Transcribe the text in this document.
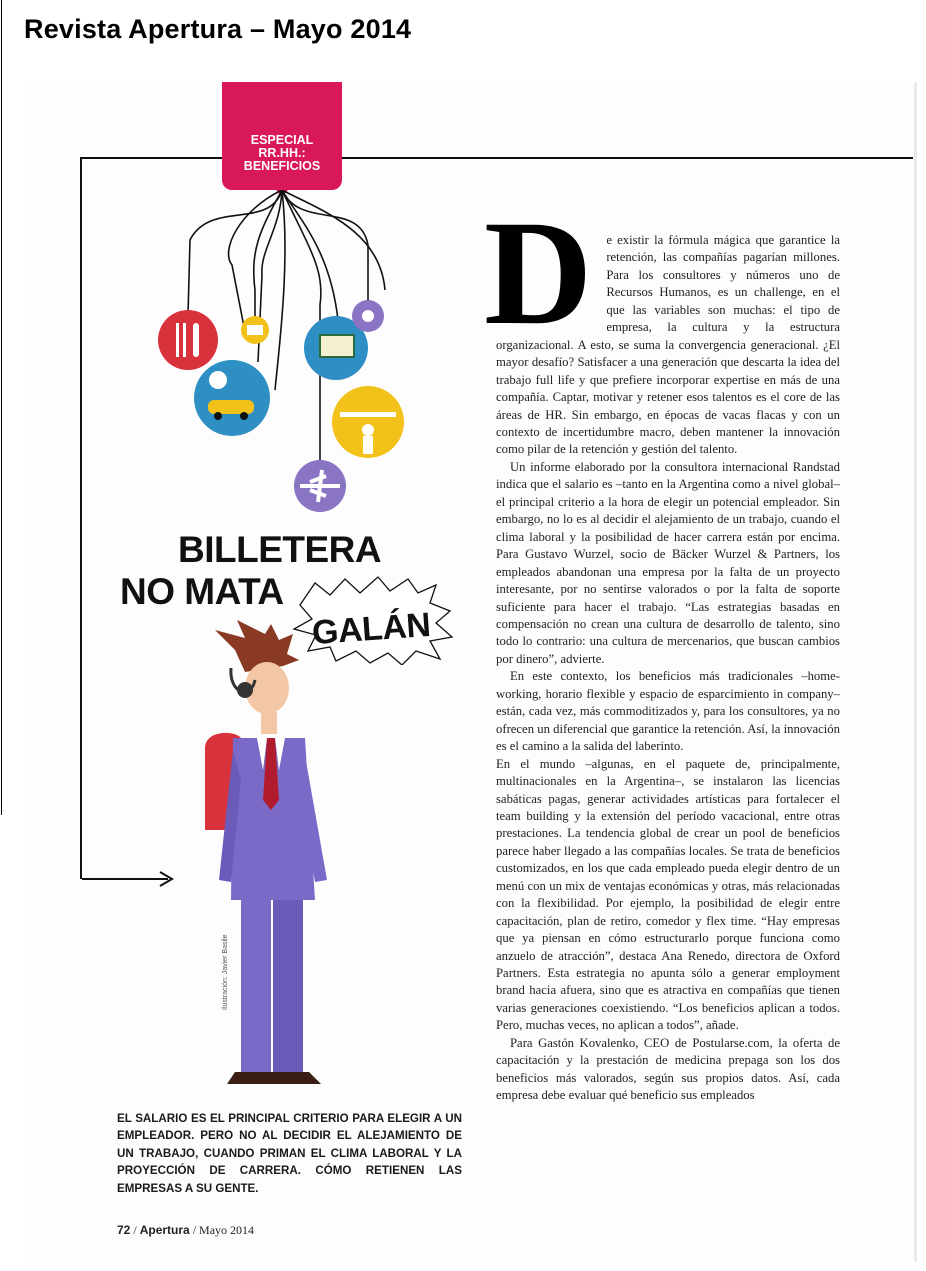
Revista Apertura – Mayo 2014
ESPECIAL
RR.HH.:
BENEFICIOS
BILLETERA
NO MATA
GALÁN
Ilustración: Javier Basile
EL SALARIO ES EL PRINCIPAL CRITERIO PARA ELEGIR A UN EMPLEADOR. PERO NO AL DECIDIR EL ALEJAMIENTO DE UN TRABAJO, CUANDO PRIMAN EL CLIMA LABORAL Y LA PROYECCIÓN DE CARRERA. CÓMO RETIENEN LAS EMPRESAS A SU GENTE.
72 / Apertura / Mayo 2014
D	e existir la fórmula mágica que garantice la retención, las compañías pagarían millones. Para los consultores y números uno de Recursos Humanos, es un challenge, en el que las variables son muchas: el tipo de empresa, la cultura y la estructura organizacional. A esto, se suma la convergencia generacional. ¿El mayor desafío? Satisfacer a una generación que descarta la idea del trabajo full life y que prefiere incorporar expertise en más de una compañía. Captar, motivar y retener esos talentos es el core de las áreas de HR. Sin embargo, en épocas de vacas flacas y con un contexto de incertidumbre macro, deben mantener la innovación como pilar de la retención y gestión del talento.

Un informe elaborado por la consultora internacional Randstad indica que el salario es –tanto en la Argentina como a nivel global– el principal criterio a la hora de elegir un potencial empleador. Sin embargo, no lo es al decidir el alejamiento de un trabajo, cuando el clima laboral y la posibilidad de hacer carrera están por encima. Para Gustavo Wurzel, socio de Bäcker Wurzel & Partners, los empleados abandonan una empresa por la falta de un proyecto interesante, por no sentirse valorados o por la falta de soporte suficiente para hacer el trabajo. “Las estrategias basadas en compensación no crean una cultura de desarrollo de talento, sino todo lo contrario: una cultura de mercenarios, que buscan cambios por dinero”, advierte.

En este contexto, los beneficios más tradicionales –home-working, horario flexible y espacio de esparcimiento in company– están, cada vez, más commoditizados y, para los consultores, ya no ofrecen un diferencial que garantice la retención. Así, la innovación es el camino a la salida del laberinto.

En el mundo –algunas, en el paquete de, principalmente, multinacionales en la Argentina–, se instalaron las licencias sabáticas pagas, generar actividades artísticas para fortalecer el team building y la extensión del período vacacional, entre otras prestaciones. La tendencia global de crear un pool de beneficios parece haber llegado a las compañías locales. Se trata de beneficios customizados, en los que cada empleado pueda elegir dentro de un menú con un mix de ventajas económicas y otras, más relacionadas con la flexibilidad. Por ejemplo, la posibilidad de elegir entre capacitación, plan de retiro, comedor y flex time. “Hay empresas que ya piensan en cómo estructurarlo porque funciona como anzuelo de atracción”, destaca Ana Renedo, directora de Oxford Partners. Esta estrategia no apunta sólo a generar employment brand hacia afuera, sino que es atractiva en compañías que tienen varias generaciones coexistiendo. “Los beneficios aplican a todos. Pero, muchas veces, no aplican a todos”, añade.

Para Gastón Kovalenko, CEO de Postularse.com, la oferta de capacitación y la prestación de medicina prepaga son los dos beneficios más valorados, según sus propios datos. Así, cada empresa debe evaluar qué beneficio sus empleados
